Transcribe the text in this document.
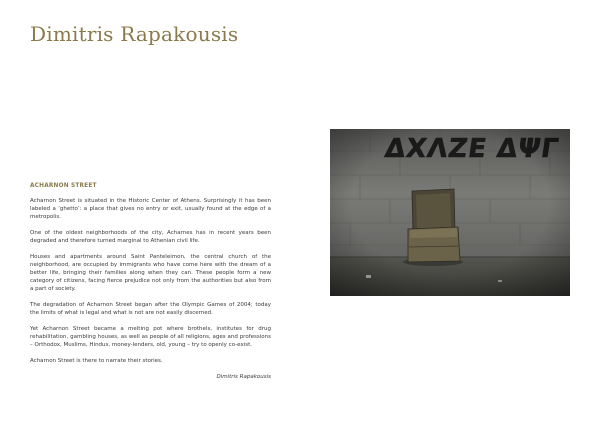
Dimitris Rapakousis
ACHARNON STREET

Acharnon Street is situated in the Historic Center of Athens. Surprisingly it has been labeled a ‘ghetto’: a place that gives no entry or exit, usually found at the edge of a metropolis.

One of the oldest neighborhoods of the city, Acharnes has in recent years been degraded and therefore turned marginal to Athenian civil life.

Houses and apartments around Saint Panteleimon, the central church of the neighborhood, are occupied by immigrants who have come here with the dream of a better life, bringing their families along when they can. These people form a new category of citizens, facing fierce prejudice not only from the authorities but also from a part of society.

The degradation of Acharnon Street began after the Olympic Games of 2004; today the limits of what is legal and what is not are not easily discerned.

Yet Acharnon Street became a melting pot where brothels, institutes for drug rehabilitation, gambling houses, as well as people of all religions, ages and professions – Orthodox, Muslims, Hindus, money-lenders, old, young – try to openly co-exist.

Acharnon Street is there to narrate their stories.

Dimitris Rapakousis
